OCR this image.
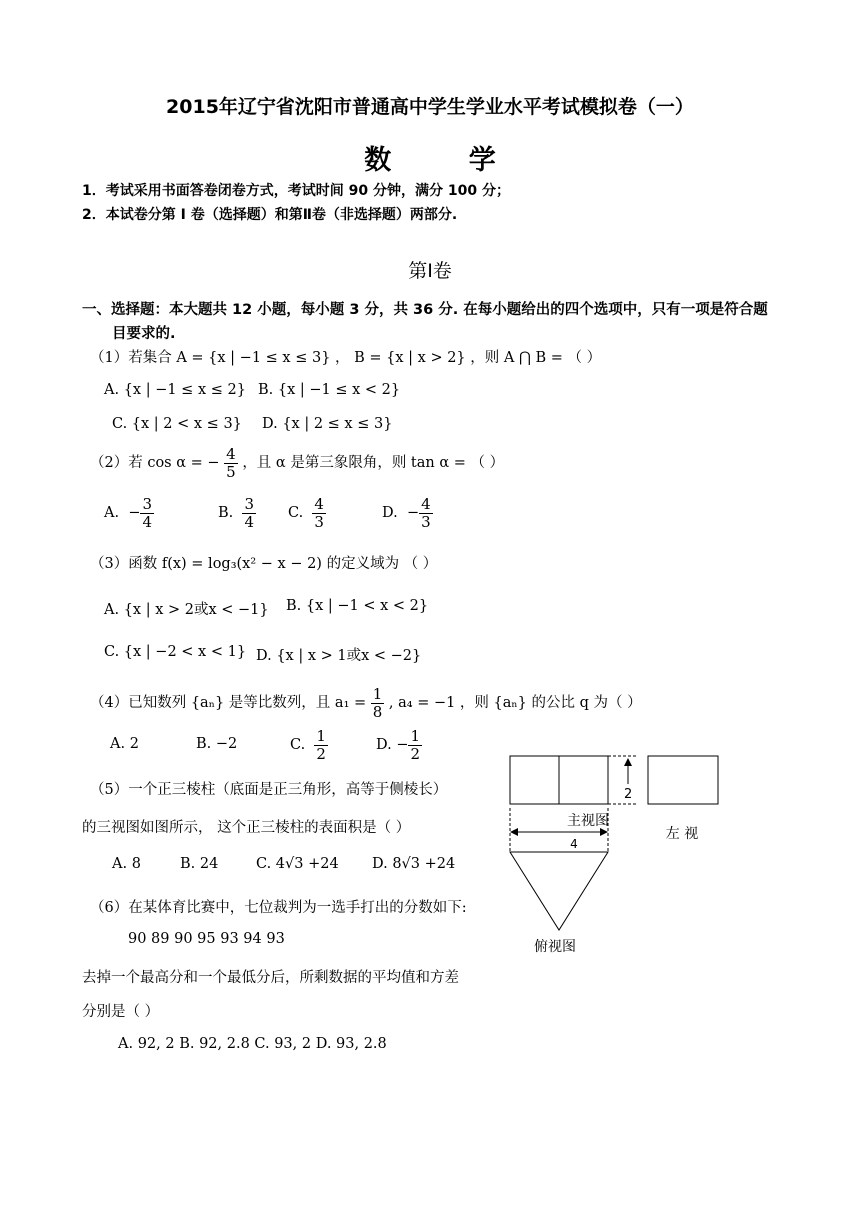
2015年辽宁省沈阳市普通高中学生学业水平考试模拟卷（一）
数 学
1．考试采用书面答卷闭卷方式，考试时间 90 分钟，满分 100 分；
2．本试卷分第 I 卷（选择题）和第Ⅱ卷（非选择题）两部分.
第Ⅰ卷
一、选择题：本大题共 12 小题，每小题 3 分，共 36 分. 在每小题给出的四个选项中，只有一项是符合题
目要求的.
（1）若集合 A = {x | −1 ≤ x ≤ 3} ， B = {x | x > 2} ，则 A ⋂ B = （ ）
A. {x | −1 ≤ x ≤ 2} B. {x | −1 ≤ x < 2}
C. {x | 2 < x ≤ 3} D. {x | 2 ≤ x ≤ 3}
（2）若 cos α = − $\frac{4}{5}$ ，且 α 是第三象限角，则 tan α = （ ）
A. − $\frac{3}{4}$	B. $\frac{3}{4} C$. $\frac{4}{3}$	D. − $\frac{4}{3}$
（3）函数 f(x) = log₃(x² − x − 2) 的定义域为 （ ）
A. {x | x > 2或x < −1} B. {x | −1 < x < 2}
C. {x | −2 < x < 1} D. {x | x > 1或x < −2}
（4）已知数列 {aₙ} 是等比数列，且 $a_1 = \frac{1}{8}$ , a₄ = −1 ，则 {aₙ} 的公比 q 为（ ）
A. 2	B. −2	C. $\frac{1}{2}$	D. − $\frac{1}{2}$
（5）一个正三棱柱（底面是正三角形，高等于侧棱长）
的三视图如图所示， 这个正三棱柱的表面积是（ ）
A. 8	B. 24	C. 4√3 +24 D. 8√3 +24
（6）在某体育比赛中，七位裁判为一选手打出的分数如下:
90 89 90 95 93 94 93
去掉一个最高分和一个最低分后，所剩数据的平均值和方差
分别是（ ）
A. 92, 2 B. 92, 2.8 C. 93, 2 D. 93, 2.8
2
主视图
左 视
4
俯视图
